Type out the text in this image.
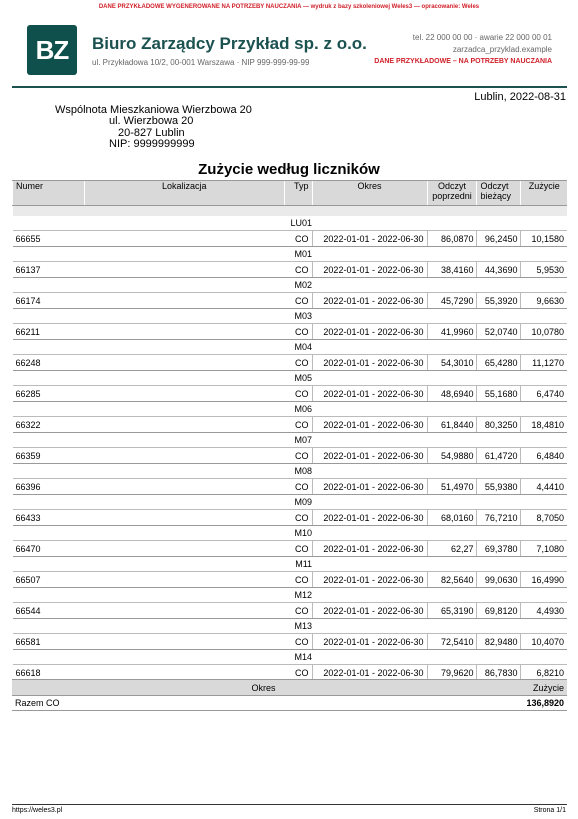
DANE PRZYKŁADOWE WYGENEROWANE NA POTRZEBY NAUCZANIA — wydruk z bazy szkoleniowej Weles3 — opracowanie: Weles
BZ	Biuro Zarządcy Przykład sp. z o.o.
ul. Przykładowa 10/2, 00-001 Warszawa · NIP 999-999-99-99
tel. 22 000 00 00 · awarie 22 000 00 01
zarzadca_przyklad.example
DANE PRZYKŁADOWE – NA POTRZEBY NAUCZANIA
Lublin, 2022-08-31
Wspólnota Mieszkaniowa Wierzbowa 20
ul. Wierzbowa 20
20-827 Lublin
NIP: 9999999999
Zużycie według liczników
Numer	Lokalizacja	Typ	Okres	Odczyt poprzedni	Odczyt bieżący	Zużycie

		LU01				
66655		CO	2022-01-01 - 2022-06-30	86,0870	96,2450	10,1580
		M01				
66137		CO	2022-01-01 - 2022-06-30	38,4160	44,3690	5,9530
		M02				
66174		CO	2022-01-01 - 2022-06-30	45,7290	55,3920	9,6630
		M03				
66211		CO	2022-01-01 - 2022-06-30	41,9960	52,0740	10,0780
		M04				
66248		CO	2022-01-01 - 2022-06-30	54,3010	65,4280	11,1270
		M05				
66285		CO	2022-01-01 - 2022-06-30	48,6940	55,1680	6,4740
		M06				
66322		CO	2022-01-01 - 2022-06-30	61,8440	80,3250	18,4810
		M07				
66359		CO	2022-01-01 - 2022-06-30	54,9880	61,4720	6,4840
		M08				
66396		CO	2022-01-01 - 2022-06-30	51,4970	55,9380	4,4410
		M09				
66433		CO	2022-01-01 - 2022-06-30	68,0160	76,7210	8,7050
		M10				
66470		CO	2022-01-01 - 2022-06-30	62,27	69,3780	7,1080
		M11				
66507		CO	2022-01-01 - 2022-06-30	82,5640	99,0630	16,4990
		M12				
66544		CO	2022-01-01 - 2022-06-30	65,3190	69,8120	4,4930
		M13				
66581		CO	2022-01-01 - 2022-06-30	72,5410	82,9480	10,4070
		M14				
66618		CO	2022-01-01 - 2022-06-30	79,9620	86,7830	6,8210
Okres	Zużycie
Razem CO	136,8920
https://weles3.pl	Strona 1/1
